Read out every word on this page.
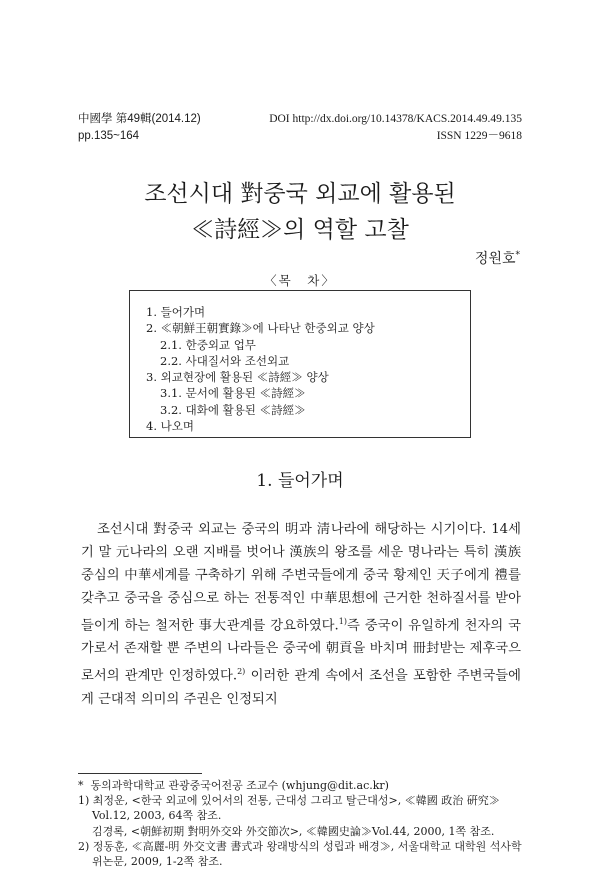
中國學 第49輯(2014.12)
pp.135~164
DOI http://dx.doi.org/10.14378/KACS.2014.49.49.135
ISSN 1229－9618
조선시대 對중국 외교에 활용된
≪詩經≫의 역할 고찰
정원호*
〈목　차〉
1. 들어가며
2. ≪朝鮮王朝實錄≫에 나타난 한중외교 양상
2.1. 한중외교 업무
2.2. 사대질서와 조선외교
3. 외교현장에 활용된 ≪詩經≫ 양상
3.1. 문서에 활용된 ≪詩經≫
3.2. 대화에 활용된 ≪詩經≫
4. 나오며
1. 들어가며

조선시대 對중국 외교는 중국의 明과 淸나라에 해당하는 시기이다. 14세기 말 元나라의 오랜 지배를 벗어나 漢族의 왕조를 세운 명나라는 특히 漢族 중심의 中華세계를 구축하기 위해 주변국들에게 중국 황제인 天子에게 禮를 갖추고 중국을 중심으로 하는 전통적인 中華思想에 근거한 천하질서를 받아들이게 하는 철저한 事大관계를 강요하였다.$^{1)}$즉 중국이 유일하게 천자의 국가로서 존재할 뿐 주변의 나라들은 중국에 朝貢을 바치며 冊封받는 제후국으로서의 관계만 인정하였다.$^{2)}$ 이러한 관계 속에서 조선을 포함한 주변국들에게 근대적 의미의 주권은 인정되지

* 동의과학대학교 관광중국어전공 조교수 (whjung@dit.ac.kr)
1) 최정운, <한국 외교에 있어서의 전통, 근대성 그리고 탈근대성>, ≪韓國 政治 硏究≫ Vol.12, 2003, 64쪽 참조.
김경록, <朝鮮初期 對明外交와 外交節次>, ≪韓國史論≫Vol.44, 2000, 1쪽 참조.
2) 정동훈, ≪高麗-明 外交文書 書式과 왕래방식의 성립과 배경≫, 서울대학교 대학원 석사학위논문, 2009, 1-2쪽 참조.
